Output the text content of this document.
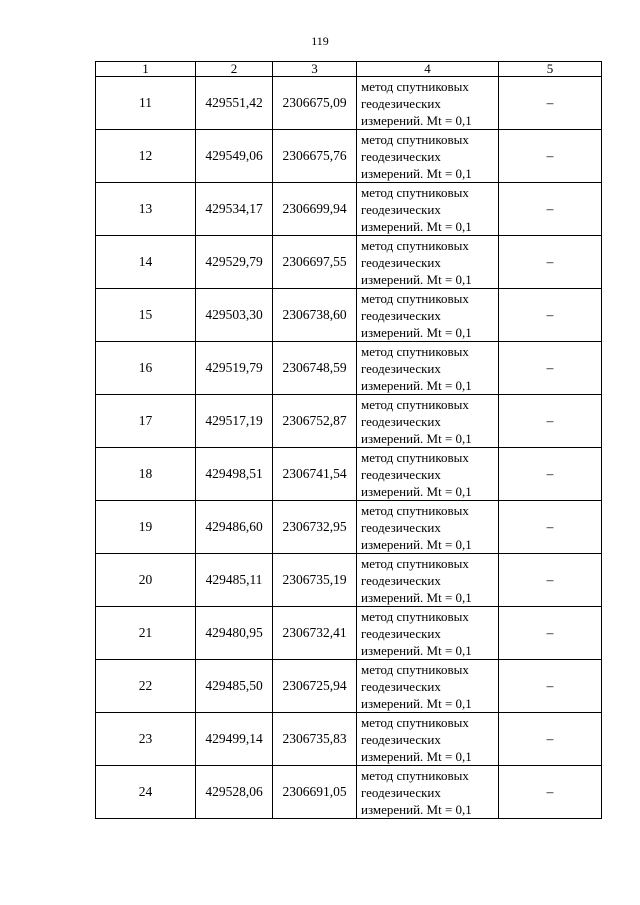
119
1	2	3	4	5
11	429551,42	2306675,09	метод спутниковых
геодезических
измерений. Mt = 0,1	–
12	429549,06	2306675,76	метод спутниковых
геодезических
измерений. Mt = 0,1	–
13	429534,17	2306699,94	метод спутниковых
геодезических
измерений. Mt = 0,1	–
14	429529,79	2306697,55	метод спутниковых
геодезических
измерений. Mt = 0,1	–
15	429503,30	2306738,60	метод спутниковых
геодезических
измерений. Mt = 0,1	–
16	429519,79	2306748,59	метод спутниковых
геодезических
измерений. Mt = 0,1	–
17	429517,19	2306752,87	метод спутниковых
геодезических
измерений. Mt = 0,1	–
18	429498,51	2306741,54	метод спутниковых
геодезических
измерений. Mt = 0,1	–
19	429486,60	2306732,95	метод спутниковых
геодезических
измерений. Mt = 0,1	–
20	429485,11	2306735,19	метод спутниковых
геодезических
измерений. Mt = 0,1	–
21	429480,95	2306732,41	метод спутниковых
геодезических
измерений. Mt = 0,1	–
22	429485,50	2306725,94	метод спутниковых
геодезических
измерений. Mt = 0,1	–
23	429499,14	2306735,83	метод спутниковых
геодезических
измерений. Mt = 0,1	–
24	429528,06	2306691,05	метод спутниковых
геодезических
измерений. Mt = 0,1	–
